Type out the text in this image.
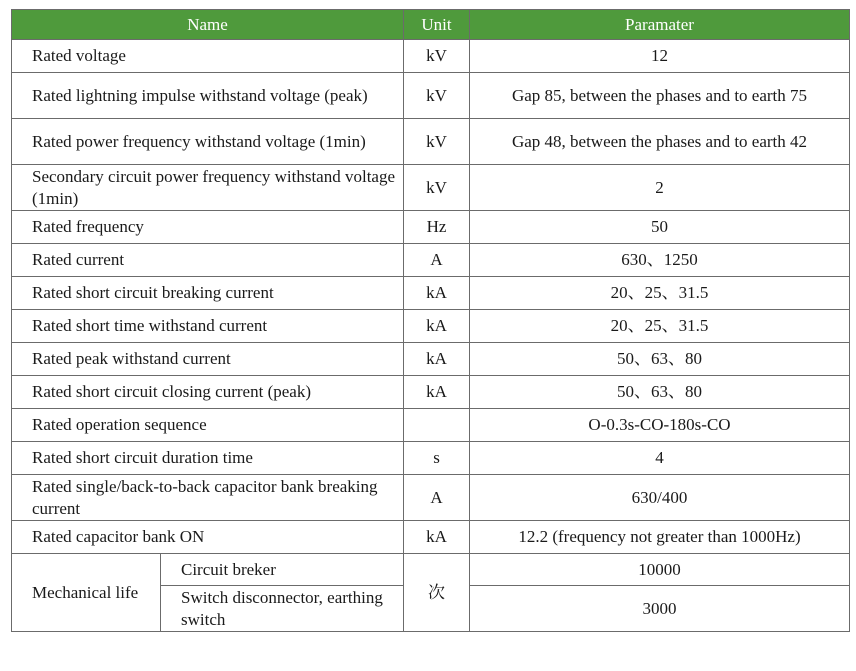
Name		Unit	Paramater
Rated voltage		kV	12
Rated lightning impulse withstand voltage (peak)		kV	Gap 85, between the phases and to earth 75
Rated power frequency withstand voltage (1min)		kV	Gap 48, between the phases and to earth 42
Secondary circuit power frequency withstand voltage (1min)		kV	2
Rated frequency		Hz	50
Rated current		A	630、1250
Rated short circuit breaking current		kA	20、25、31.5
Rated short time withstand current		kA	20、25、31.5
Rated peak withstand current		kA	50、63、80
Rated short circuit closing current (peak)		kA	50、63、80
Rated operation sequence			O-0.3s-CO-180s-CO
Rated short circuit duration time		s	4
Rated single/back-to-back capacitor bank breaking current		A	630/400
Rated capacitor bank ON		kA	12.2 (frequency not greater than 1000Hz)
Mechanical life	Circuit breker	次	10000
	Switch disconnector, earthing switch		3000
